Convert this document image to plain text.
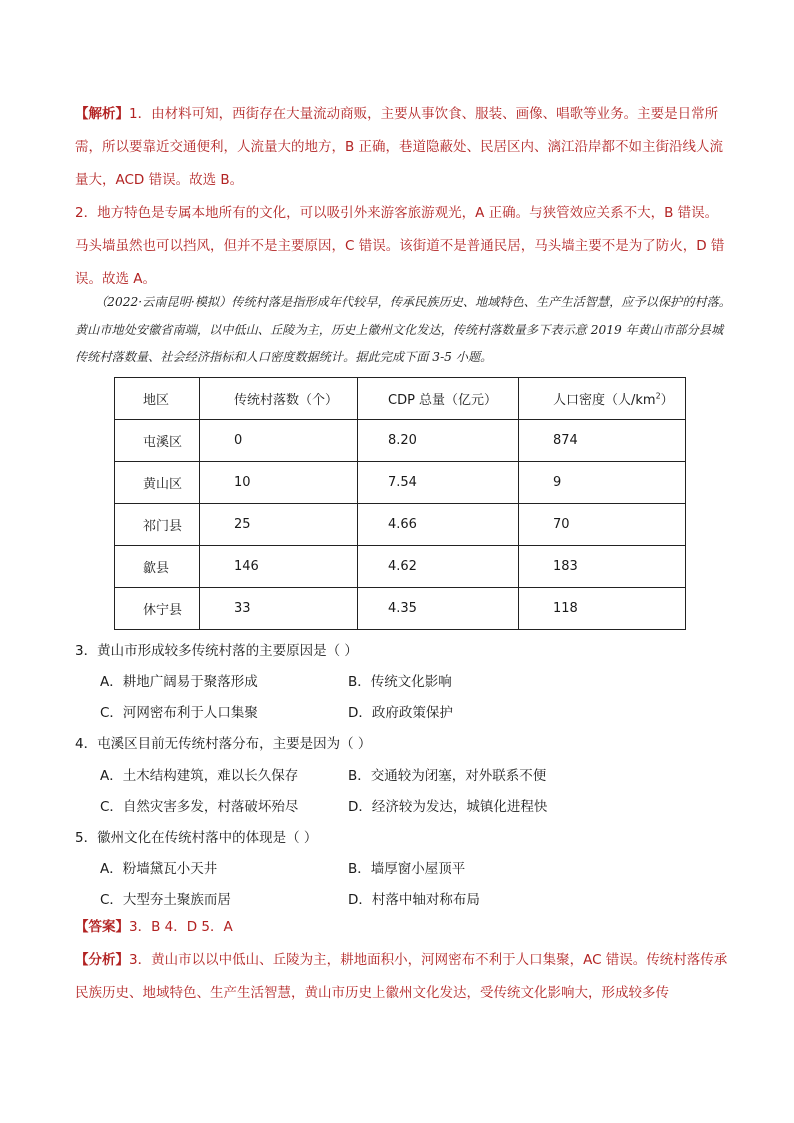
【解析】1．由材料可知，西街存在大量流动商贩，主要从事饮食、服装、画像、唱歌等业务。主要是日常所需，所以要靠近交通便利，人流量大的地方，B 正确，巷道隐蔽处、民居区内、漓江沿岸都不如主街沿线人流量大，ACD 错误。故选 B。

2．地方特色是专属本地所有的文化，可以吸引外来游客旅游观光，A 正确。与狭管效应关系不大，B 错误。马头墙虽然也可以挡风，但并不是主要原因，C 错误。该街道不是普通民居，马头墙主要不是为了防火，D 错误。故选 A。

（2022·云南昆明·模拟）传统村落是指形成年代较早，传承民族历史、地域特色、生产生活智慧，应予以保护的村落。黄山市地处安徽省南端，以中低山、丘陵为主，历史上徽州文化发达，传统村落数量多下表示意 2019 年黄山市部分县城传统村落数量、社会经济指标和人口密度数据统计。据此完成下面 3-5 小题。

地区	传统村落数（个）	CDP 总量（亿元）	人口密度（人$/km^2$）
屯溪区	0	8.20	874
黄山区	10	7.54	9
祁门县	25	4.66	70
歙县	146	4.62	183
休宁县	33	4.35	118

3．黄山市形成较多传统村落的主要原因是（ ）

A．耕地广阔易于聚落形成	B．传统文化影响

C．河网密布利于人口集聚	D．政府政策保护

4．屯溪区目前无传统村落分布，主要是因为（ ）

A．土木结构建筑，难以长久保存	B．交通较为闭塞，对外联系不便

C．自然灾害多发，村落破坏殆尽	D．经济较为发达，城镇化进程快

5．徽州文化在传统村落中的体现是（ ）

A．粉墙黛瓦小天井	B．墙厚窗小屋顶平

C．大型夯土聚族而居	D．村落中轴对称布局

【答案】3．B 4．D 5．A

【分析】3．黄山市以以中低山、丘陵为主，耕地面积小，河网密布不利于人口集聚，AC 错误。传统村落传承民族历史、地域特色、生产生活智慧，黄山市历史上徽州文化发达，受传统文化影响大，形成较多传
